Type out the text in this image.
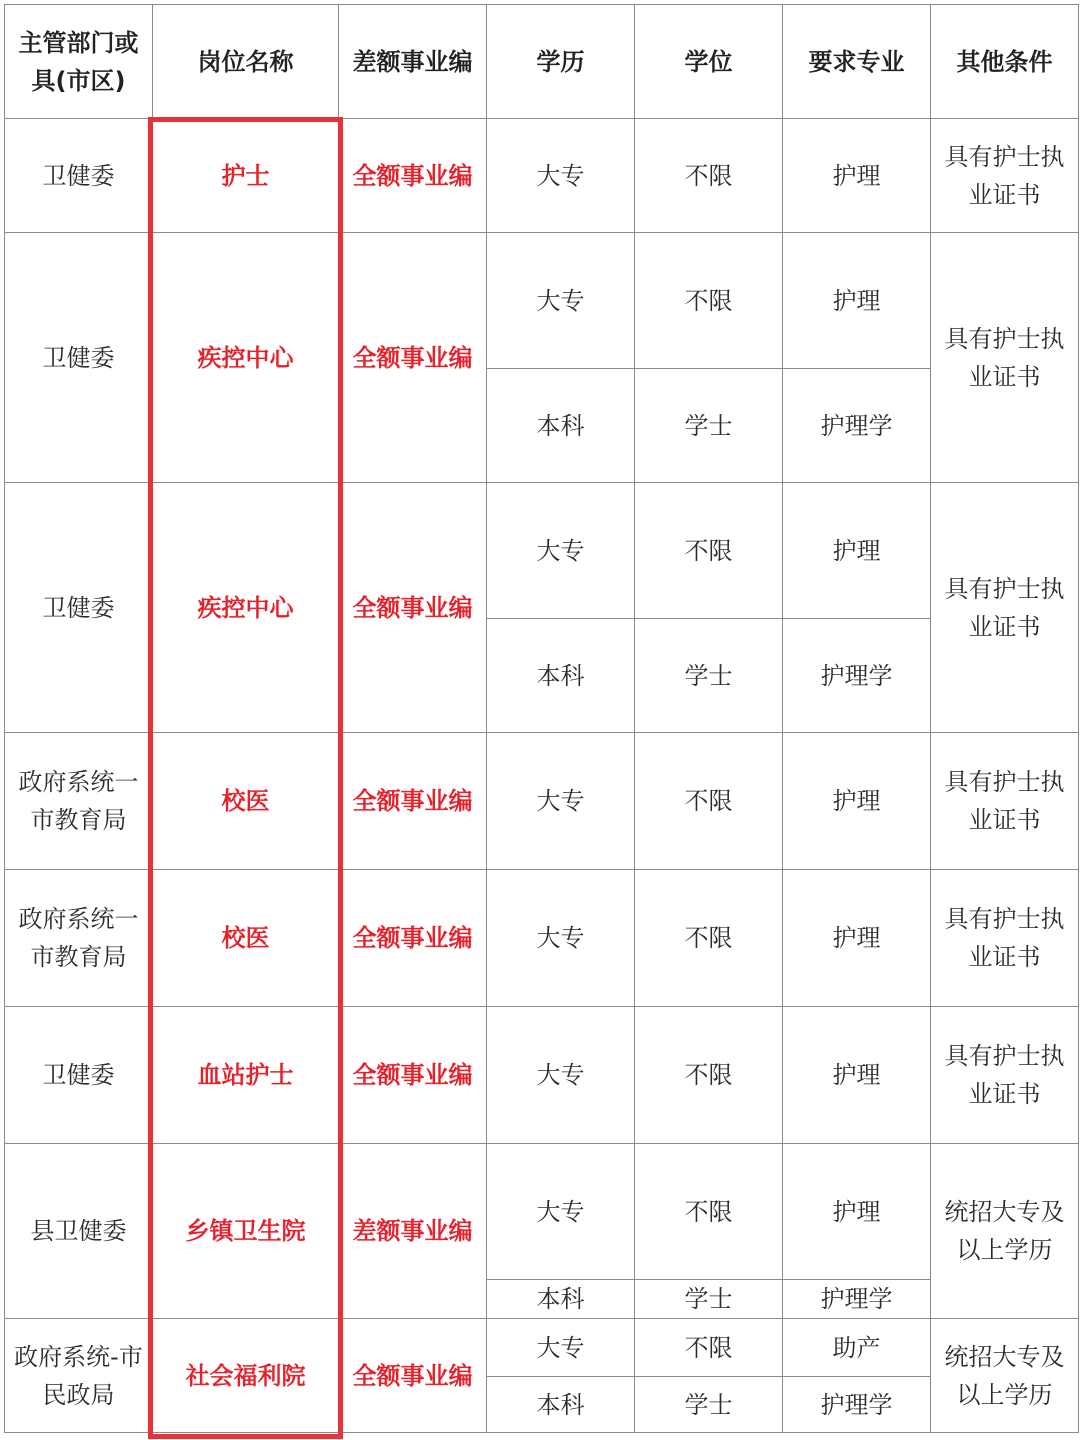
主管部门或具(市区)	岗位名称	差额事业编	学历	学位	要求专业	其他条件
卫健委	护士	全额事业编	大专	不限	护理	具有护士执业证书
卫健委	疾控中心	全额事业编	大专	不限	护理	具有护士执业证书
			本科	学士	护理学	
卫健委	疾控中心	全额事业编	大专	不限	护理	具有护士执业证书
			本科	学士	护理学	
政府系统一市教育局	校医	全额事业编	大专	不限	护理	具有护士执业证书
政府系统一市教育局	校医	全额事业编	大专	不限	护理	具有护士执业证书
卫健委	血站护士	全额事业编	大专	不限	护理	具有护士执业证书
县卫健委	乡镇卫生院	差额事业编	大专	不限	护理	统招大专及以上学历
			本科	学士	护理学	
政府系统-市民政局	社会福利院	全额事业编	大专	不限	助产	统招大专及以上学历
			本科	学士	护理学	
